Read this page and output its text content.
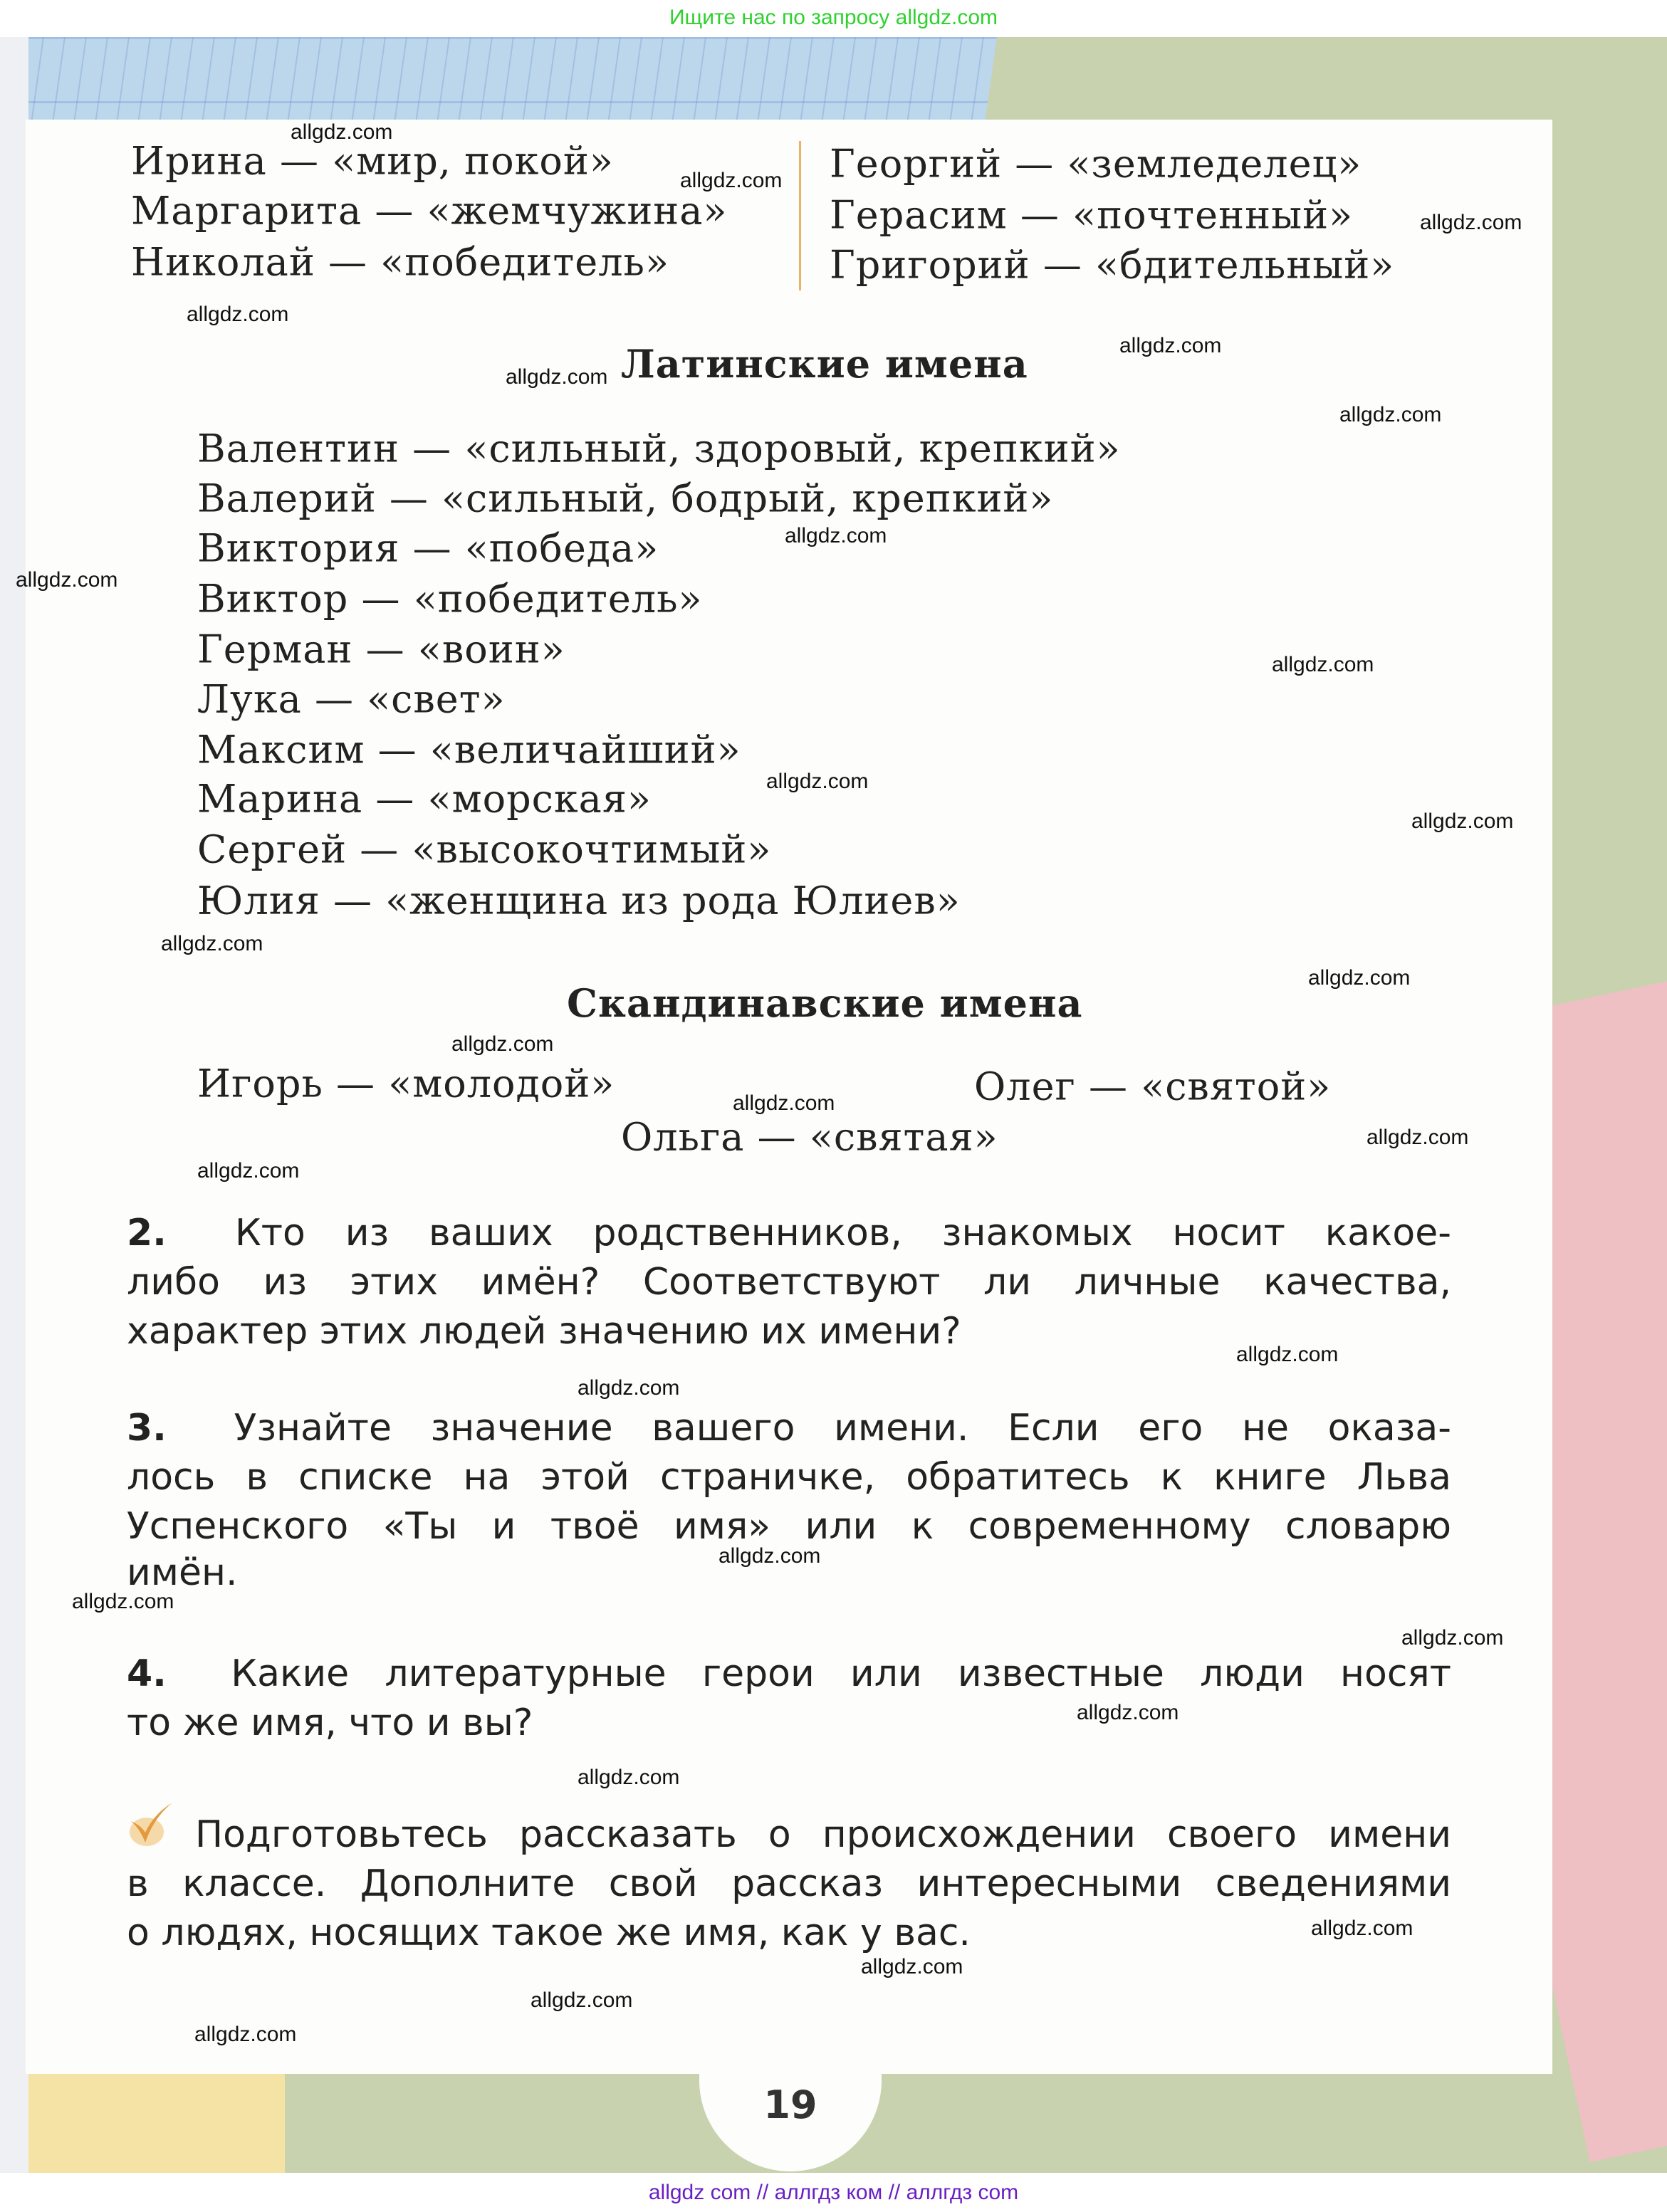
Ищите нас по запросу allgdz.com
19
Ирина — «мир, покой»
Маргарита — «жемчужина»
Николай — «победитель»
Георгий — «земледелец»
Герасим — «почтенный»
Григорий — «бдительный»
Латинские имена
Валентин — «сильный, здоровый, крепкий»
Валерий — «сильный, бодрый, крепкий»
Виктория — «победа»
Виктор — «победитель»
Герман — «воин»
Лука — «свет»
Максим — «величайший»
Марина — «морская»
Сергей — «высокочтимый»
Юлия — «женщина из рода Юлиев»
Скандинавские имена
Игорь — «молодой»	Олег — «святой»
Ольга — «святая»
2. Кто из ваших родственников, знакомых носит какое-
либо из этих имён? Соответствуют ли личные качества,
характер этих людей значению их имени?
3. Узнайте значение вашего имени. Если его не оказа-
лось в списке на этой страничке, обратитесь к книге Льва
Успенского «Ты и твоё имя» или к современному словарю
имён.
4. Какие литературные герои или известные люди носят
то же имя, что и вы?
Подготовьтесь рассказать о происхождении своего имени
в классе. Дополните свой рассказ интересными сведениями
о людях, носящих такое же имя, как у вас.
allgdz.com
allgdz.com
allgdz.com
allgdz.com
allgdz.com
allgdz.com
allgdz.com
allgdz.com
allgdz.com
allgdz.com
allgdz.com
allgdz.com
allgdz.com
allgdz.com
allgdz.com
allgdz.com
allgdz.com
allgdz.com
allgdz.com
allgdz.com
allgdz.com
allgdz.com
allgdz.com
allgdz.com
allgdz.com
allgdz.com
allgdz.com
allgdz.com
allgdz.com
allgdz com // аллгдз ком // аллгдз com
